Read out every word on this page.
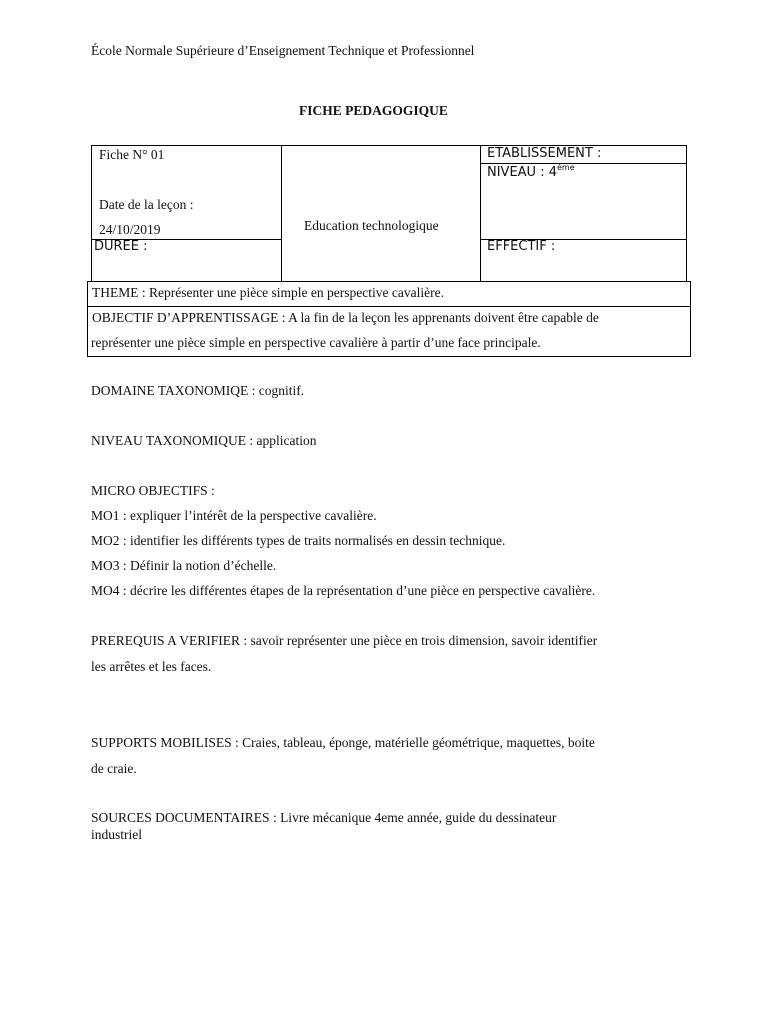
École Normale Supérieure d’Enseignement Technique et Professionnel
FICHE PEDAGOGIQUE
Fiche N° 01
Date de la leçon :
24/10/2019
DUREE :
Education technologique
ETABLISSEMENT :
NIVEAU : 4ème
EFFECTIF :
THEME : Représenter une pièce simple en perspective cavalière.
OBJECTIF D’APPRENTISSAGE : A la fin de la leçon les apprenants doivent être capable de
représenter une pièce simple en perspective cavalière à partir d’une face principale.
DOMAINE TAXONOMIQE : cognitif.
NIVEAU TAXONOMIQUE : application
MICRO OBJECTIFS :
MO1 : expliquer l’intérêt de la perspective cavalière.
MO2 : identifier les différents types de traits normalisés en dessin technique.
MO3 : Définir la notion d’échelle.
MO4 : décrire les différentes étapes de la représentation d’une pièce en perspective cavalière.
PREREQUIS A VERIFIER : savoir représenter une pièce en trois dimension, savoir identifier
les arrêtes et les faces.
SUPPORTS MOBILISES : Craies, tableau, éponge, matérielle géométrique, maquettes, boite
de craie.
SOURCES DOCUMENTAIRES : Livre mécanique 4eme année, guide du dessinateur
industriel
